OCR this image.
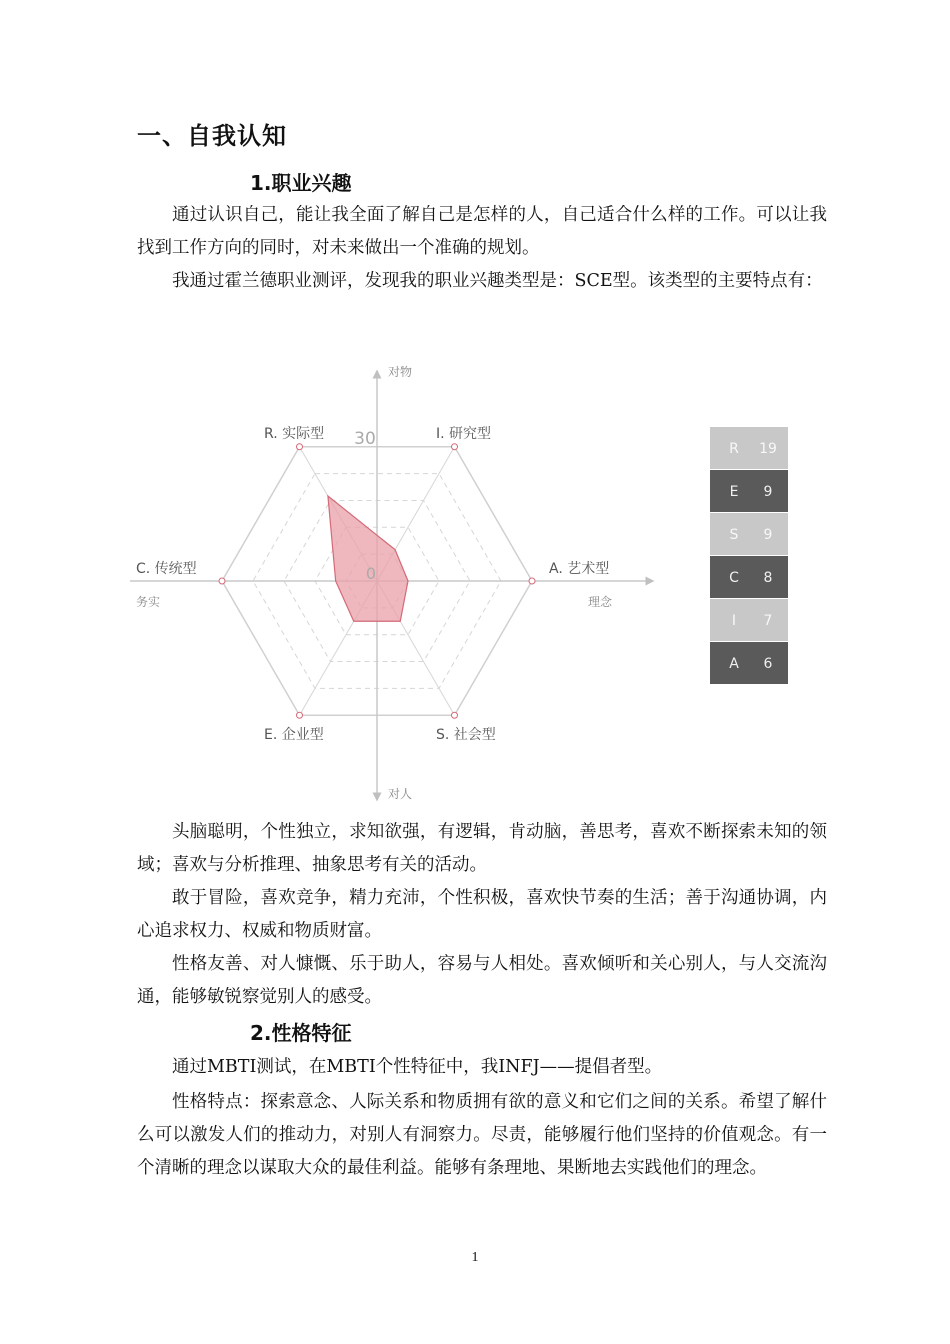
一、自我认知
1.职业兴趣

通过认识自己，能让我全面了解自己是怎样的人，自己适合什么样的工作。可以让我找到工作方向的同时，对未来做出一个准确的规划。

我通过霍兰德职业测评，发现我的职业兴趣类型是：SCE型。该类型的主要特点有：

R. 实际型	I. 研究型
A. 艺术型
S. 社会型
E. 企业型
C. 传统型
30
0
对物
对人
务实	理念
R 19
E 9
S 9
C 8
I 7
A 6

头脑聪明，个性独立，求知欲强，有逻辑，肯动脑，善思考，喜欢不断探索未知的领域；喜欢与分析推理、抽象思考有关的活动。

敢于冒险，喜欢竞争，精力充沛，个性积极，喜欢快节奏的生活；善于沟通协调，内心追求权力、权威和物质财富。

性格友善、对人慷慨、乐于助人，容易与人相处。喜欢倾听和关心别人，与人交流沟通，能够敏锐察觉别人的感受。

2.性格特征

通过MBTI测试，在MBTI个性特征中，我INFJ——提倡者型。

性格特点：探索意念、人际关系和物质拥有欲的意义和它们之间的关系。希望了解什么可以激发人们的推动力，对别人有洞察力。尽责，能够履行他们坚持的价值观念。有一个清晰的理念以谋取大众的最佳利益。能够有条理地、果断地去实践他们的理念。

1
